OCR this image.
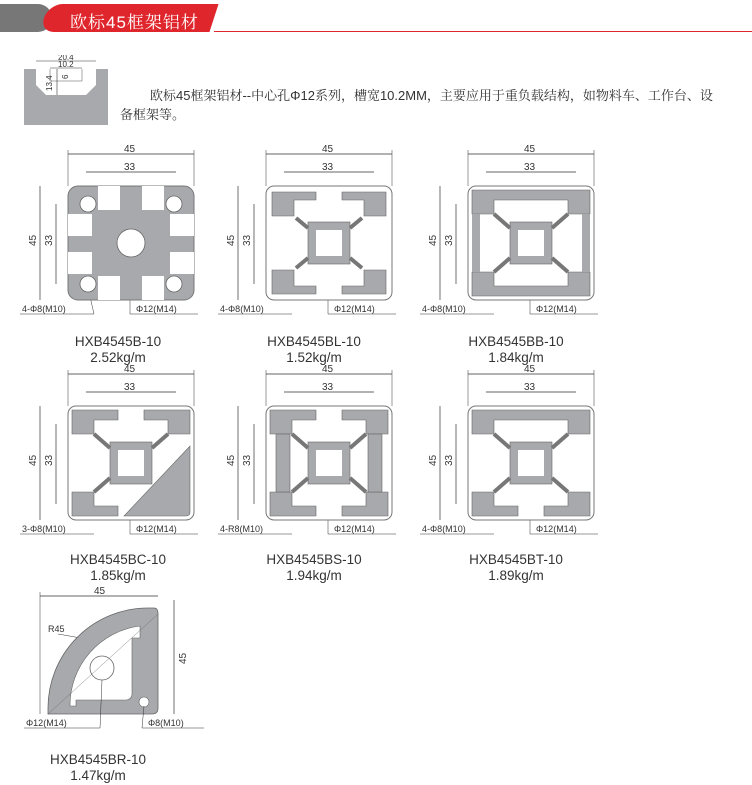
欧标45框架铝材
20.4
10.2
13.4 6
欧标45框架铝材--中心孔Φ12系列，槽宽10.2MM，主要应用于重负载结构，如物料车、工作台、设备框架等。
45
33
45 33
4-Φ8(M10)	Φ12(M14)
HXB4545B-10
2.52kg/m
45
33
45 33
4-Φ8(M10)	Φ12(M14)
HXB4545BL-10
1.52kg/m
45
33
45 33
4-Φ8(M10)	Φ12(M14)
HXB4545BB-10
1.84kg/m
45
33
45 33
3-Φ8(M10)	Φ12(M14)
HXB4545BC-10
1.85kg/m
45
33
45 33
4-R8(M10)	Φ12(M14)
HXB4545BS-10
1.94kg/m
45
33
45 33
4-Φ8(M10)	Φ12(M14)
HXB4545BT-10
1.89kg/m
45
45
R45
Φ12(M14)	Φ8(M10)
HXB4545BR-10
1.47kg/m
